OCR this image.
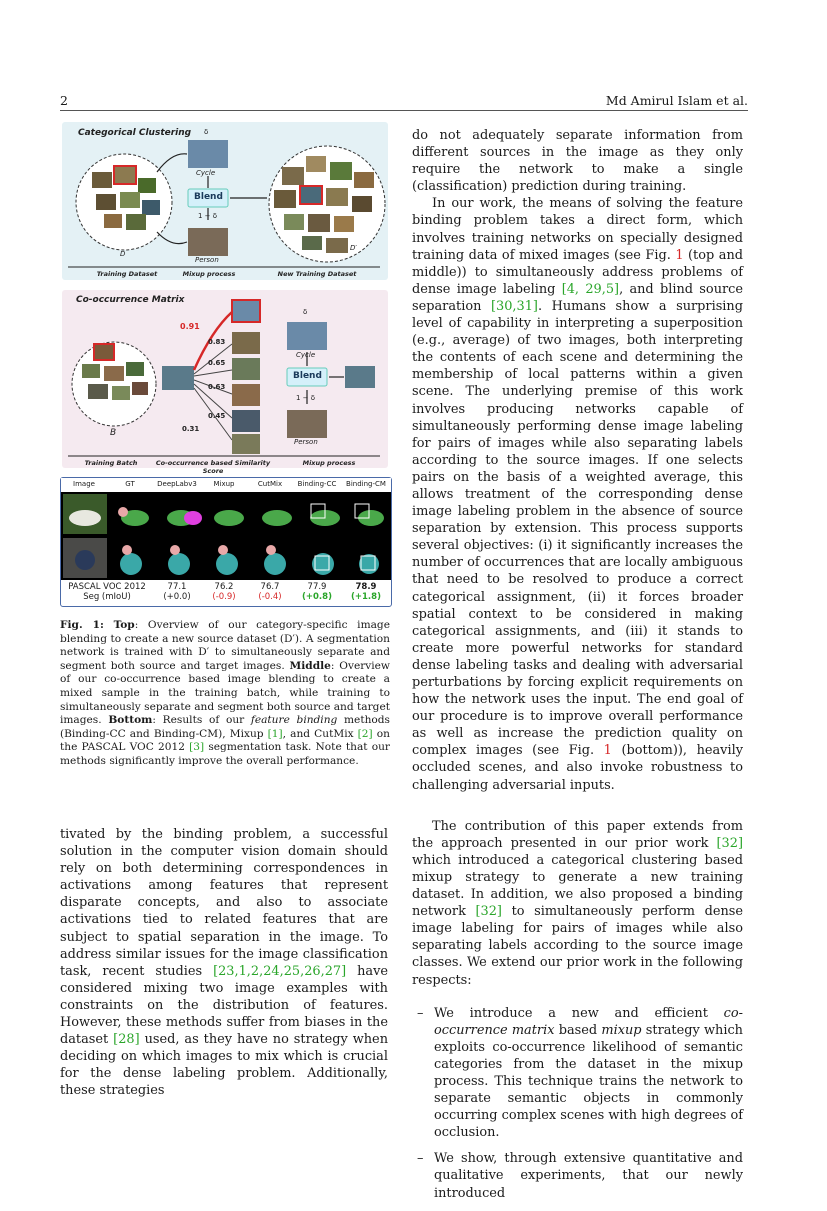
2	Md Amirul Islam et al.
Categorical Clustering δ
Cycle
Blend
1 − δ
Person
D
D′
Training Dataset	Mixup process	New Training Dataset
Co-occurrence Matrix
0.91
0.83
0.65
0.63
0.45
0.31
δ
Cycle
Blend
1 − δ
Person
B
Training Batch	Co-occurrence based Similarity Score
Mixup process
Image	GT	DeepLabv3	Mixup	CutMix	Binding-CC	Binding-CM
PASCAL VOC 2012	77.1	76.2	76.7	77.9	78.9
Seg (mIoU)	(+0.0)	(-0.9)	(-0.4)	(+0.8)	(+1.8)
Fig. 1: Top: Overview of our category-specific image blending to create a new source dataset (D′). A segmentation network is trained with D′ to simultaneously separate and segment both source and target images. Middle: Overview of our co-occurrence based image blending to create a mixed sample in the training batch, while training to simultaneously separate and segment both source and target images. Bottom: Results of our feature binding methods (Binding-CC and Binding-CM), Mixup [1], and CutMix [2] on the PASCAL VOC 2012 [3] segmentation task. Note that our methods significantly improve the overall performance.

tivated by the binding problem, a successful solution in the computer vision domain should rely on both determining correspondences in activations among features that represent disparate concepts, and also to associate activations tied to related features that are subject to spatial separation in the image. To address similar issues for the image classification task, recent studies [23,1,2,24,25,26,27] have considered mixing two image examples with constraints on the distribution of features. However, these methods suffer from biases in the dataset [28] used, as they have no strategy when deciding on which images to mix which is crucial for the dense labeling problem. Additionally, these strategies

do not adequately separate information from different sources in the image as they only require the network to make a single (classification) prediction during training.

In our work, the means of solving the feature binding problem takes a direct form, which involves training networks on specially designed training data of mixed images (see Fig. 1 (top and middle)) to simultaneously address problems of dense image labeling [4, 29,5], and blind source separation [30,31]. Humans show a surprising level of capability in interpreting a superposition (e.g., average) of two images, both interpreting the contents of each scene and determining the membership of local patterns within a given scene. The underlying premise of this work involves producing networks capable of simultaneously performing dense image labeling for pairs of images while also separating labels according to the source images. If one selects pairs on the basis of a weighted average, this allows treatment of the corresponding dense image labeling problem in the absence of source separation by extension. This process supports several objectives: (i) it significantly increases the number of occurrences that are locally ambiguous that need to be resolved to produce a correct categorical assignment, (ii) it forces broader spatial context to be considered in making categorical assignments, and (iii) it stands to create more powerful networks for standard dense labeling tasks and dealing with adversarial perturbations by forcing explicit requirements on how the network uses the input. The end goal of our procedure is to improve overall performance as well as increase the prediction quality on complex images (see Fig. 1 (bottom)), heavily occluded scenes, and also invoke robustness to challenging adversarial inputs.

The contribution of this paper extends from the approach presented in our prior work [32] which introduced a categorical clustering based mixup strategy to generate a new training dataset. In addition, we also proposed a binding network [32] to simultaneously perform dense image labeling for pairs of images while also separating labels according to the source image classes. We extend our prior work in the following respects:

– We introduce a new and efficient co-occurrence matrix based mixup strategy which exploits co-occurrence likelihood of semantic categories from the dataset in the mixup process. This technique trains the network to separate semantic objects in commonly occurring complex scenes with high degrees of occlusion.
– We show, through extensive quantitative and qualitative experiments, that our newly introduced
